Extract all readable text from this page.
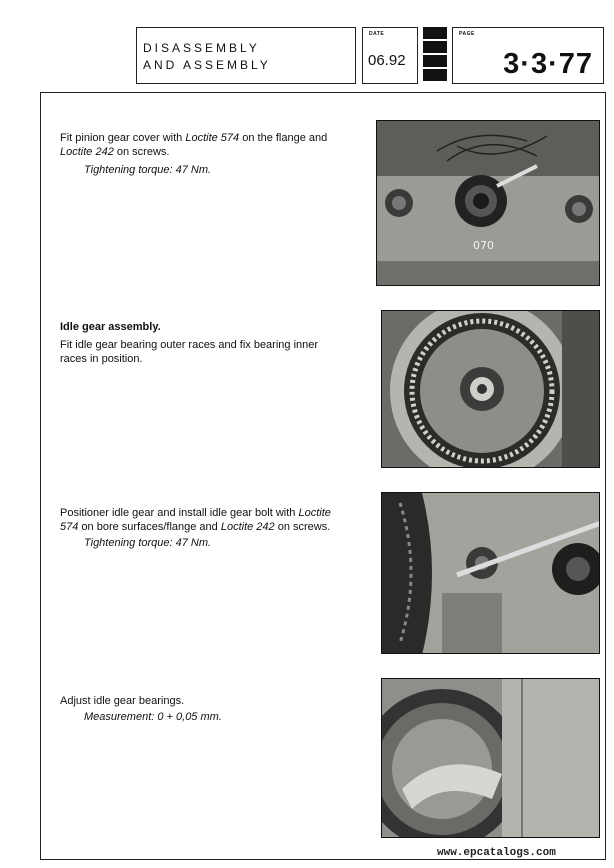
DISASSEMBLY
AND ASSEMBLY
DATE
06.92
PAGE
3·3·77
Fit pinion gear cover with Loctite 574 on the flange and Loctite 242 on screws.
Tightening torque: 47 Nm.
Idle gear assembly.
Fit idle gear bearing outer races and fix bearing inner races in position.
Positioner idle gear and install idle gear bolt with Loctite 574 on bore surfaces/flange and Loctite 242 on screws.
Tightening torque: 47 Nm.
Adjust idle gear bearings.
Measurement: 0 + 0,05 mm.
070
www.epcatalogs.com
